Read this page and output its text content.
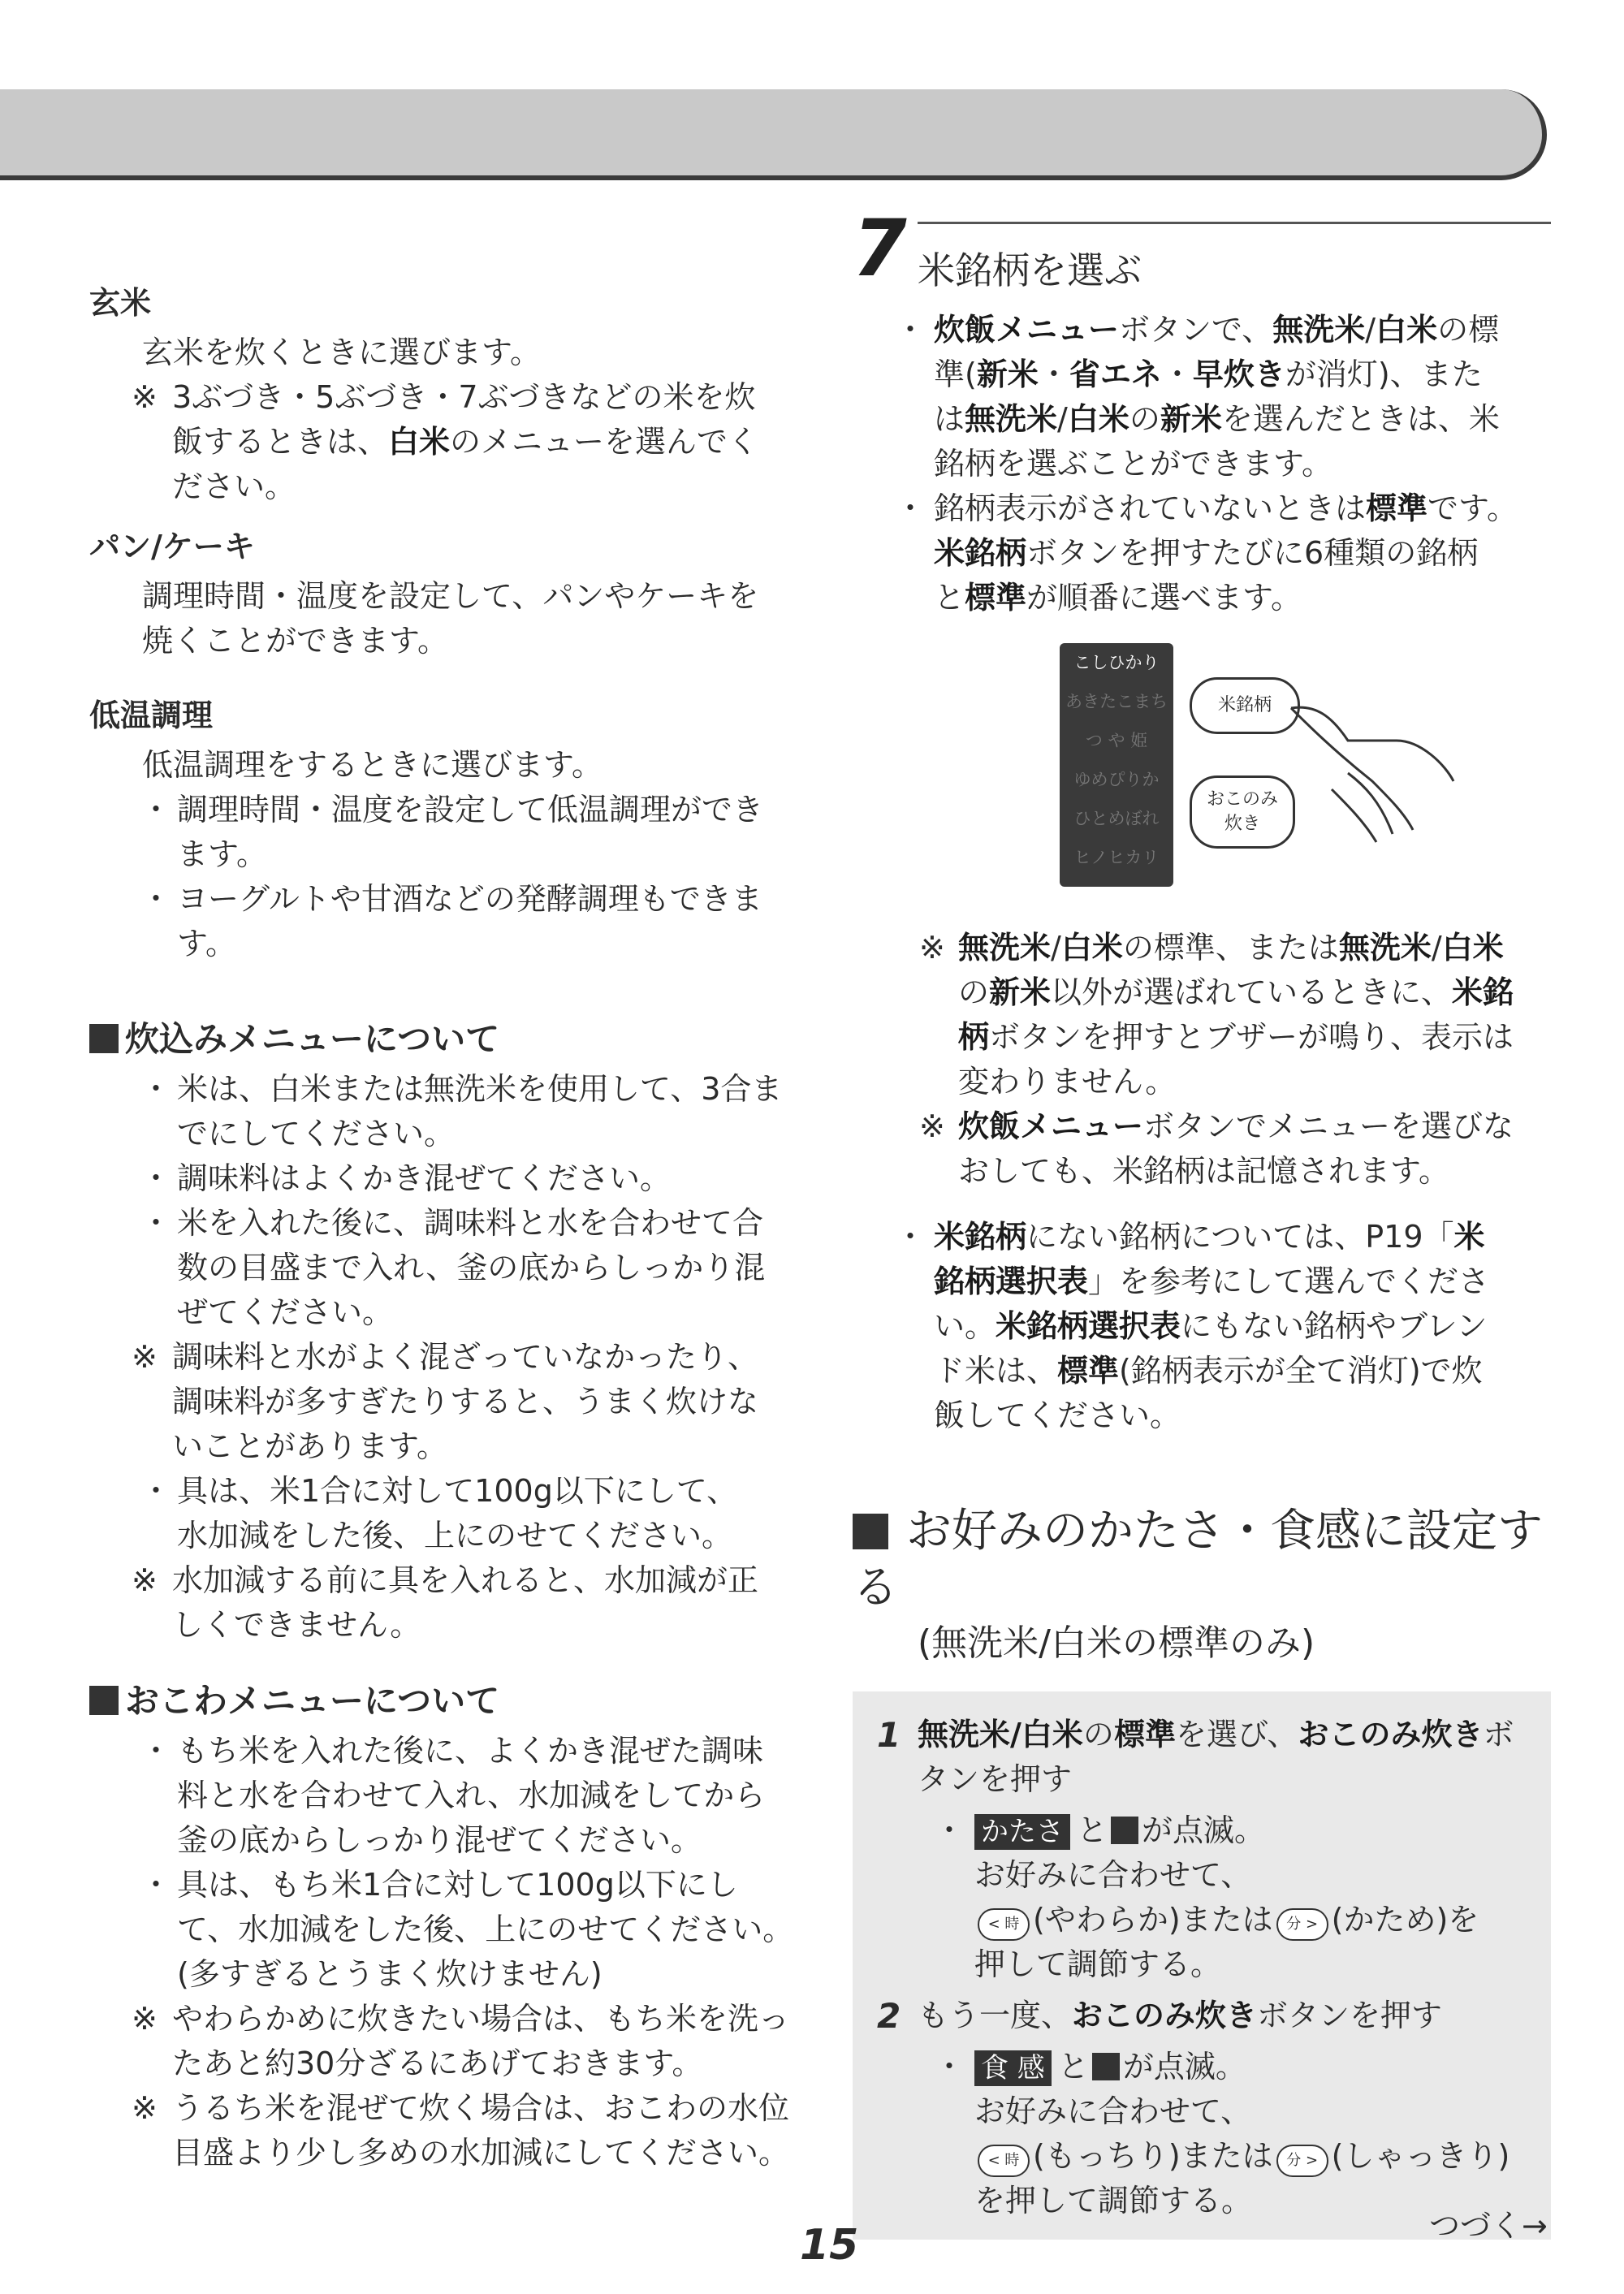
玄米

玄米を炊くときに選びます。

※ 3ぶづき・5ぶづき・7ぶづきなどの米を炊
飯するときは、白米のメニューを選んでく
ださい。

パン/ケーキ

調理時間・温度を設定して、パンやケーキを

焼くことができます。

低温調理

低温調理をするときに選びます。

・ 調理時間・温度を設定して低温調理ができ
ます。
・ ヨーグルトや甘酒などの発酵調理もできます。

炊込みメニューについて

・ 米は、白米または無洗米を使用して、3合ま
でにしてください。
・ 調味料はよくかき混ぜてください。
・ 米を入れた後に、調味料と水を合わせて合
数の目盛まで入れ、釜の底からしっかり混
ぜてください。
※ 調味料と水がよく混ざっていなかったり、
調味料が多すぎたりすると、うまく炊けな
いことがあります。
・ 具は、米1合に対して100g以下にして、
水加減をした後、上にのせてください。
※ 水加減する前に具を入れると、水加減が正
しくできません。

おこわメニューについて

・ もち米を入れた後に、よくかき混ぜた調味
料と水を合わせて入れ、水加減をしてから
釜の底からしっかり混ぜてください。
・ 具は、もち米1合に対して100g以下にし
て、水加減をした後、上にのせてください。
(多すぎるとうまく炊けません)
※ やわらかめに炊きたい場合は、もち米を洗っ
たあと約30分ざるにあげておきます。
※ うるち米を混ぜて炊く場合は、おこわの水位
目盛より少し多めの水加減にしてください。
7 米銘柄を選ぶ
・ 炊飯メニューボタンで、無洗米/白米の標
準(新米・省エネ・早炊きが消灯)、また
は無洗米/白米の新米を選んだときは、米
銘柄を選ぶことができます。
・ 銘柄表示がされていないときは標準です。
米銘柄ボタンを押すたびに6種類の銘柄
と標準が順番に選べます。
こしひかり
あきたこまち
つ や 姫
ゆめぴりか
ひとめぼれ
ヒノヒカリ
米銘柄
おこのみ
炊き
※ 無洗米/白米の標準、または無洗米/白米
の新米以外が選ばれているときに、米銘
柄ボタンを押すとブザーが鳴り、表示は
変わりません。
※ 炊飯メニューボタンでメニューを選びな
おしても、米銘柄は記憶されます。
・ 米銘柄にない銘柄については、P19「米
銘柄選択表」を参考にして選んでくださ
い。米銘柄選択表にもない銘柄やブレン
ド米は、標準(銘柄表示が全て消灯)で炊
飯してください。
お好みのかたさ・食感に設定する
(無洗米/白米の標準のみ)
1 無洗米/白米の標準を選び、おこのみ炊きボ
タンを押す
・ かたさ と が点滅。
お好みに合わせて、
< 時 (やわらか)または 分 > (かため)を
押して調節する。
2 もう一度、おこのみ炊きボタンを押す
・ 食 感 と が点滅。
お好みに合わせて、
< 時 (もっちり)または 分 > (しゃっきり)
を押して調節する。
つづく→
15
